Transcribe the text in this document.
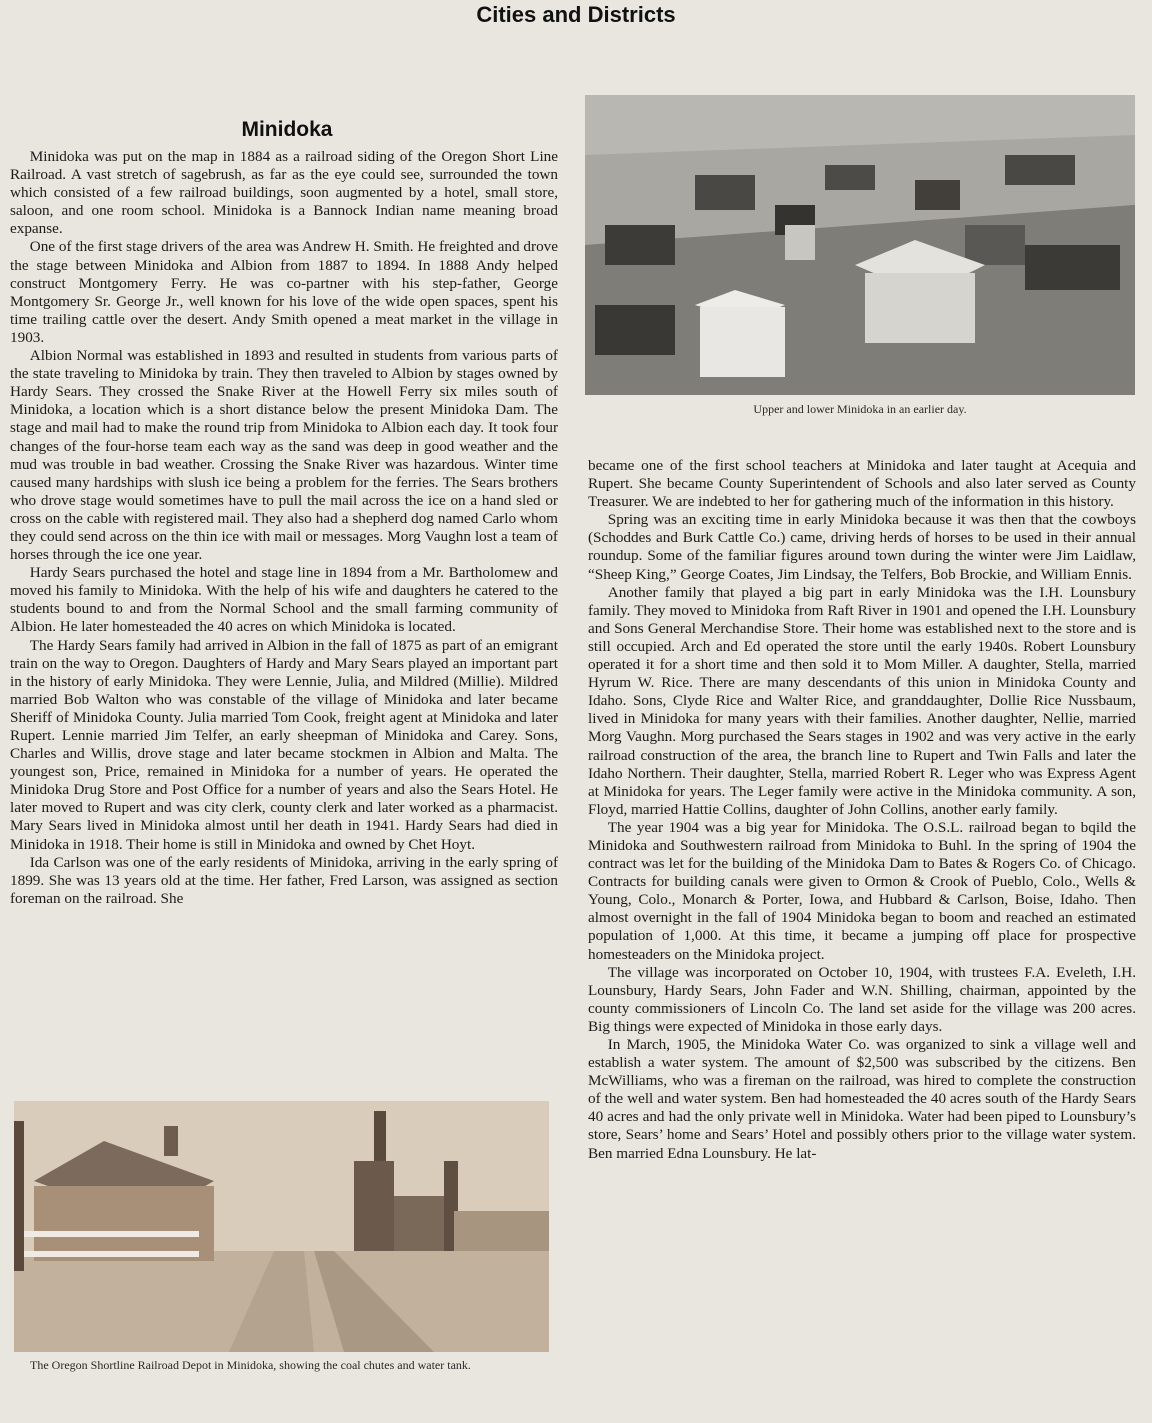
Cities and Districts
Minidoka

Minidoka was put on the map in 1884 as a railroad siding of the Oregon Short Line Railroad. A vast stretch of sagebrush, as far as the eye could see, surrounded the town which consisted of a few railroad buildings, soon augmented by a hotel, small store, saloon, and one room school. Minidoka is a Bannock Indian name meaning broad expanse.

One of the first stage drivers of the area was Andrew H. Smith. He freighted and drove the stage between Minidoka and Albion from 1887 to 1894. In 1888 Andy helped construct Montgomery Ferry. He was co-partner with his step-father, George Montgomery Sr. George Jr., well known for his love of the wide open spaces, spent his time trailing cattle over the desert. Andy Smith opened a meat market in the village in 1903.

Albion Normal was established in 1893 and resulted in students from various parts of the state traveling to Minidoka by train. They then traveled to Albion by stages owned by Hardy Sears. They crossed the Snake River at the Howell Ferry six miles south of Minidoka, a location which is a short distance below the present Minidoka Dam. The stage and mail had to make the round trip from Minidoka to Albion each day. It took four changes of the four-horse team each way as the sand was deep in good weather and the mud was trouble in bad weather. Crossing the Snake River was hazardous. Winter time caused many hardships with slush ice being a problem for the ferries. The Sears brothers who drove stage would sometimes have to pull the mail across the ice on a hand sled or cross on the cable with registered mail. They also had a shepherd dog named Carlo whom they could send across on the thin ice with mail or messages. Morg Vaughn lost a team of horses through the ice one year.

Hardy Sears purchased the hotel and stage line in 1894 from a Mr. Bartholomew and moved his family to Minidoka. With the help of his wife and daughters he catered to the students bound to and from the Normal School and the small farming community of Albion. He later homesteaded the 40 acres on which Minidoka is located.

The Hardy Sears family had arrived in Albion in the fall of 1875 as part of an emigrant train on the way to Oregon. Daughters of Hardy and Mary Sears played an important part in the history of early Minidoka. They were Lennie, Julia, and Mildred (Millie). Mildred married Bob Walton who was constable of the village of Minidoka and later became Sheriff of Minidoka County. Julia married Tom Cook, freight agent at Minidoka and later Rupert. Lennie married Jim Telfer, an early sheepman of Minidoka and Carey. Sons, Charles and Willis, drove stage and later became stockmen in Albion and Malta. The youngest son, Price, remained in Minidoka for a number of years. He operated the Minidoka Drug Store and Post Office for a number of years and also the Sears Hotel. He later moved to Rupert and was city clerk, county clerk and later worked as a pharmacist. Mary Sears lived in Minidoka almost until her death in 1941. Hardy Sears had died in Minidoka in 1918. Their home is still in Minidoka and owned by Chet Hoyt.

Ida Carlson was one of the early residents of Minidoka, arriving in the early spring of 1899. She was 13 years old at the time. Her father, Fred Larson, was assigned as section foreman on the railroad. She

Upper and lower Minidoka in an earlier day.

became one of the first school teachers at Minidoka and later taught at Acequia and Rupert. She became County Superintendent of Schools and also later served as County Treasurer. We are indebted to her for gathering much of the information in this history.

Spring was an exciting time in early Minidoka because it was then that the cowboys (Schoddes and Burk Cattle Co.) came, driving herds of horses to be used in their annual roundup. Some of the familiar figures around town during the winter were Jim Laidlaw, “Sheep King,” George Coates, Jim Lindsay, the Telfers, Bob Brockie, and William Ennis.

Another family that played a big part in early Minidoka was the I.H. Lounsbury family. They moved to Minidoka from Raft River in 1901 and opened the I.H. Lounsbury and Sons General Merchandise Store. Their home was established next to the store and is still occupied. Arch and Ed operated the store until the early 1940s. Robert Lounsbury operated it for a short time and then sold it to Mom Miller. A daughter, Stella, married Hyrum W. Rice. There are many descendants of this union in Minidoka County and Idaho. Sons, Clyde Rice and Walter Rice, and granddaughter, Dollie Rice Nussbaum, lived in Minidoka for many years with their families. Another daughter, Nellie, married Morg Vaughn. Morg purchased the Sears stages in 1902 and was very active in the early railroad construction of the area, the branch line to Rupert and Twin Falls and later the Idaho Northern. Their daughter, Stella, married Robert R. Leger who was Express Agent at Minidoka for years. The Leger family were active in the Minidoka community. A son, Floyd, married Hattie Collins, daughter of John Collins, another early family.

The year 1904 was a big year for Minidoka. The O.S.L. railroad began to bqild the Minidoka and Southwestern railroad from Minidoka to Buhl. In the spring of 1904 the contract was let for the building of the Minidoka Dam to Bates & Rogers Co. of Chicago. Contracts for building canals were given to Ormon & Crook of Pueblo, Colo., Wells & Young, Colo., Monarch & Porter, Iowa, and Hubbard & Carlson, Boise, Idaho. Then almost overnight in the fall of 1904 Minidoka began to boom and reached an estimated population of 1,000. At this time, it became a jumping off place for prospective homesteaders on the Minidoka project.

The village was incorporated on October 10, 1904, with trustees F.A. Eveleth, I.H. Lounsbury, Hardy Sears, John Fader and W.N. Shilling, chairman, appointed by the county commissioners of Lincoln Co. The land set aside for the village was 200 acres. Big things were expected of Minidoka in those early days.

In March, 1905, the Minidoka Water Co. was organized to sink a village well and establish a water system. The amount of $2,500 was subscribed by the citizens. Ben McWilliams, who was a fireman on the railroad, was hired to complete the construction of the well and water system. Ben had homesteaded the 40 acres south of the Hardy Sears 40 acres and had the only private well in Minidoka. Water had been piped to Lounsbury’s store, Sears’ home and Sears’ Hotel and possibly others prior to the village water system. Ben married Edna Lounsbury. He lat-

The Oregon Shortline Railroad Depot in Minidoka, showing the coal chutes and water tank.
